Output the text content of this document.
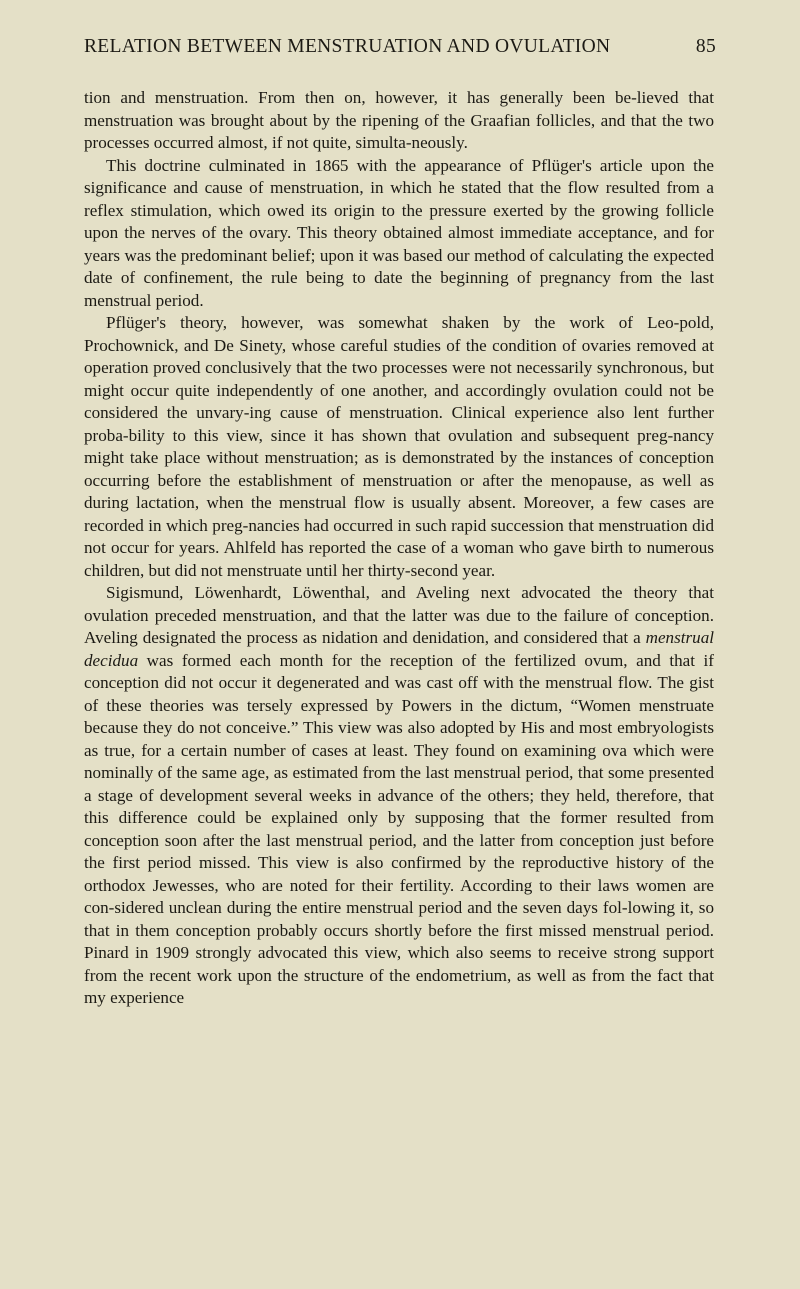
RELATION BETWEEN MENSTRUATION AND OVULATION	85

tion and menstruation. From then on, however, it has generally been be-lieved that menstruation was brought about by the ripening of the Graafian follicles, and that the two processes occurred almost, if not quite, simulta-neously.

This doctrine culminated in 1865 with the appearance of Pflüger's article upon the significance and cause of menstruation, in which he stated that the flow resulted from a reflex stimulation, which owed its origin to the pressure exerted by the growing follicle upon the nerves of the ovary. This theory obtained almost immediate acceptance, and for years was the predominant belief; upon it was based our method of calculating the expected date of confinement, the rule being to date the beginning of pregnancy from the last menstrual period.

Pflüger's theory, however, was somewhat shaken by the work of Leo-pold, Prochownick, and De Sinety, whose careful studies of the condition of ovaries removed at operation proved conclusively that the two processes were not necessarily synchronous, but might occur quite independently of one another, and accordingly ovulation could not be considered the unvary-ing cause of menstruation. Clinical experience also lent further proba-bility to this view, since it has shown that ovulation and subsequent preg-nancy might take place without menstruation; as is demonstrated by the instances of conception occurring before the establishment of menstruation or after the menopause, as well as during lactation, when the menstrual flow is usually absent. Moreover, a few cases are recorded in which preg-nancies had occurred in such rapid succession that menstruation did not occur for years. Ahlfeld has reported the case of a woman who gave birth to numerous children, but did not menstruate until her thirty-second year.

Sigismund, Löwenhardt, Löwenthal, and Aveling next advocated the theory that ovulation preceded menstruation, and that the latter was due to the failure of conception. Aveling designated the process as nidation and denidation, and considered that a menstrual decidua was formed each month for the reception of the fertilized ovum, and that if conception did not occur it degenerated and was cast off with the menstrual flow. The gist of these theories was tersely expressed by Powers in the dictum, “Women menstruate because they do not conceive.” This view was also adopted by His and most embryologists as true, for a certain number of cases at least. They found on examining ova which were nominally of the same age, as estimated from the last menstrual period, that some presented a stage of development several weeks in advance of the others; they held, therefore, that this difference could be explained only by supposing that the former resulted from conception soon after the last menstrual period, and the latter from conception just before the first period missed. This view is also confirmed by the reproductive history of the orthodox Jewesses, who are noted for their fertility. According to their laws women are con-sidered unclean during the entire menstrual period and the seven days fol-lowing it, so that in them conception probably occurs shortly before the first missed menstrual period. Pinard in 1909 strongly advocated this view, which also seems to receive strong support from the recent work upon the structure of the endometrium, as well as from the fact that my experience
